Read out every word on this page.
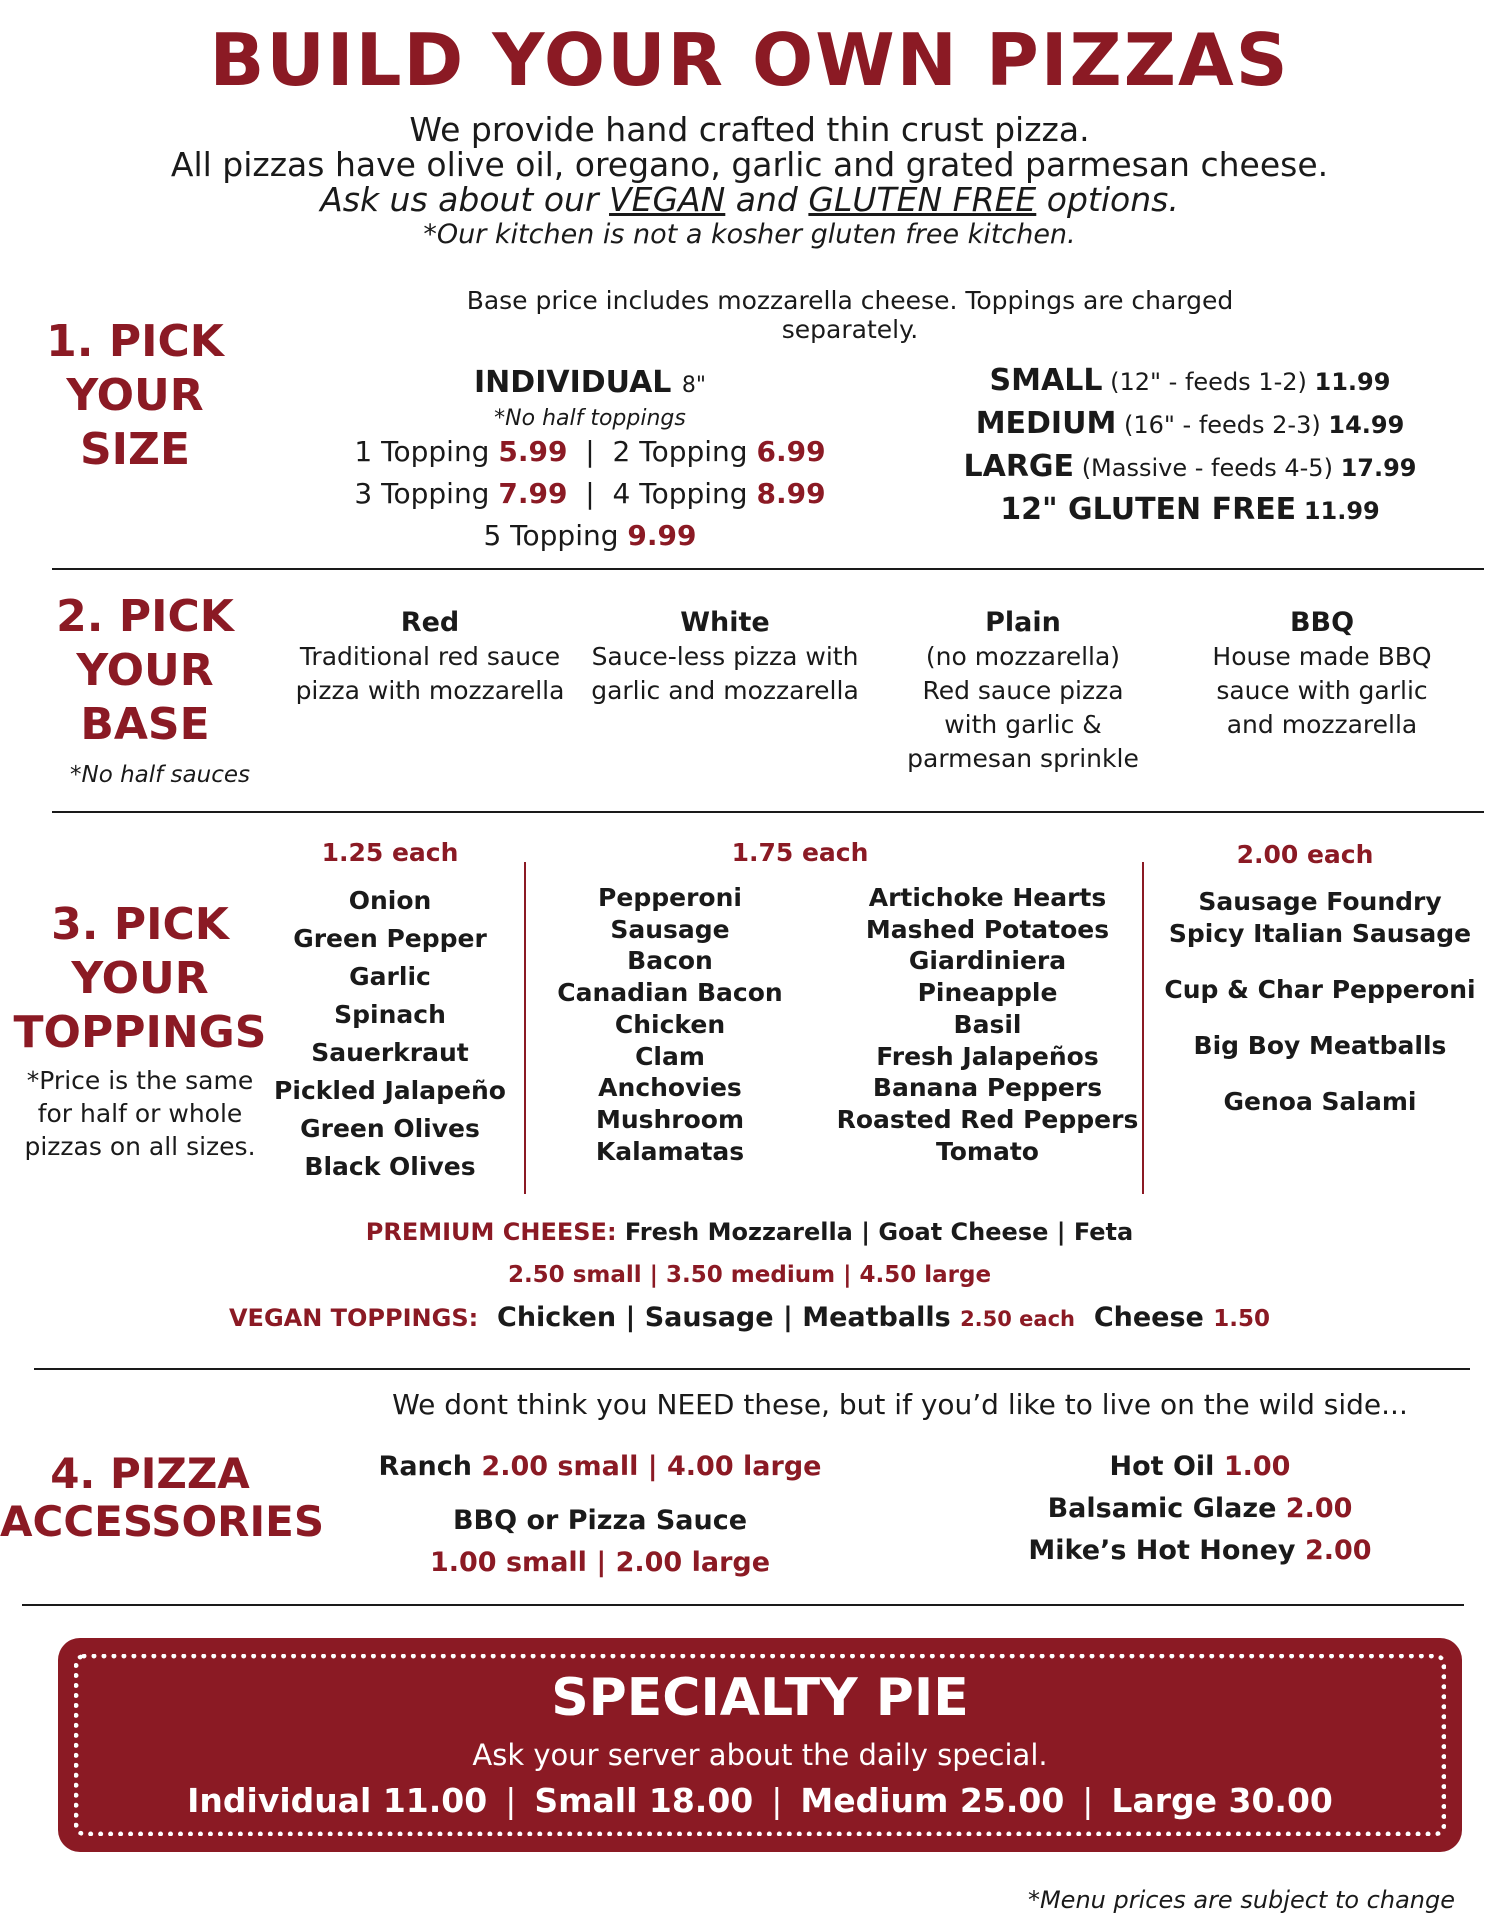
BUILD YOUR OWN PIZZAS
We provide hand crafted thin crust pizza.
All pizzas have olive oil, oregano, garlic and grated parmesan cheese.
Ask us about our VEGAN and GLUTEN FREE options.
*Our kitchen is not a kosher gluten free kitchen.
1. PICK
YOUR
SIZE
Base price includes mozzarella cheese. Toppings are charged separately.
INDIVIDUAL 8"
*No half toppings
1 Topping 5.99 | 2 Topping 6.99
3 Topping 7.99 | 4 Topping 8.99
5 Topping 9.99
SMALL (12" - feeds 1-2) 11.99
MEDIUM (16" - feeds 2-3) 14.99
LARGE (Massive - feeds 4-5) 17.99
12" GLUTEN FREE 11.99
2. PICK
YOUR
BASE
*No half sauces
Red
Traditional red sauce
pizza with mozzarella
White
Sauce-less pizza with
garlic and mozzarella
Plain
(no mozzarella)
Red sauce pizza
with garlic &
parmesan sprinkle
BBQ
House made BBQ
sauce with garlic
and mozzarella
3. PICK
YOUR
TOPPINGS
*Price is the same for half or whole pizzas on all sizes.
1.25 each	1.75 each	2.00 each
Onion
Green Pepper
Garlic
Spinach
Sauerkraut
Pickled Jalapeño
Green Olives
Black Olives
Pepperoni
Sausage
Bacon
Canadian Bacon
Chicken
Clam
Anchovies
Mushroom
Kalamatas
Artichoke Hearts
Mashed Potatoes
Giardiniera
Pineapple
Basil
Fresh Jalapeños
Banana Peppers
Roasted Red Peppers
Tomato
Sausage Foundry
Spicy Italian Sausage
Cup & Char Pepperoni
Big Boy Meatballs
Genoa Salami
PREMIUM CHEESE: Fresh Mozzarella | Goat Cheese | Feta
2.50 small | 3.50 medium | 4.50 large
VEGAN TOPPINGS: Chicken | Sausage | Meatballs 2.50 each Cheese 1.50
We dont think you NEED these, but if you’d like to live on the wild side...
4. PIZZA
ACCESSORIES
Ranch 2.00 small | 4.00 large
BBQ or Pizza Sauce
1.00 small | 2.00 large
Hot Oil 1.00
Balsamic Glaze 2.00
Mike’s Hot Honey 2.00
SPECIALTY PIE
Ask your server about the daily special.
Individual 11.00 | Small 18.00 | Medium 25.00 | Large 30.00
*Menu prices are subject to change
